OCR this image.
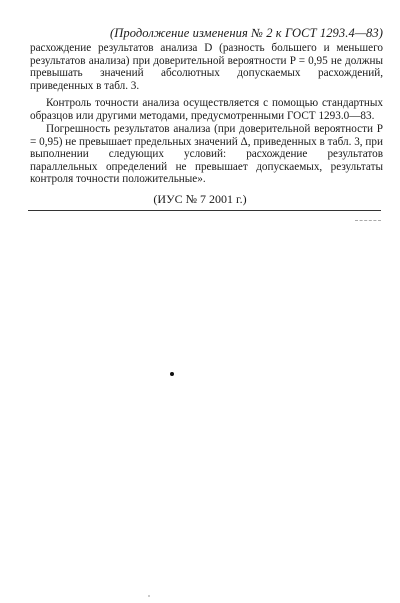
(Продолжение изменения № 2 к ГОСТ 1293.4—83)

расхождение результатов анализа D (разность большего и меньшего результатов анализа) при доверительной вероятности P = 0,95 не должны превышать значений абсолютных допускаемых расхождений, приведенных в табл. 3.

Контроль точности анализа осуществляется с помощью стандартных образцов или другими методами, предусмотренными ГОСТ 1293.0—83.

Погрешность результатов анализа (при доверительной вероятности P = 0,95) не превышает предельных значений Δ, приведенных в табл. 3, при выполнении следующих условий: расхождение результатов параллельных определений не превышает допускаемых, результаты контроля точности положительные».

(ИУС № 7 2001 г.)
